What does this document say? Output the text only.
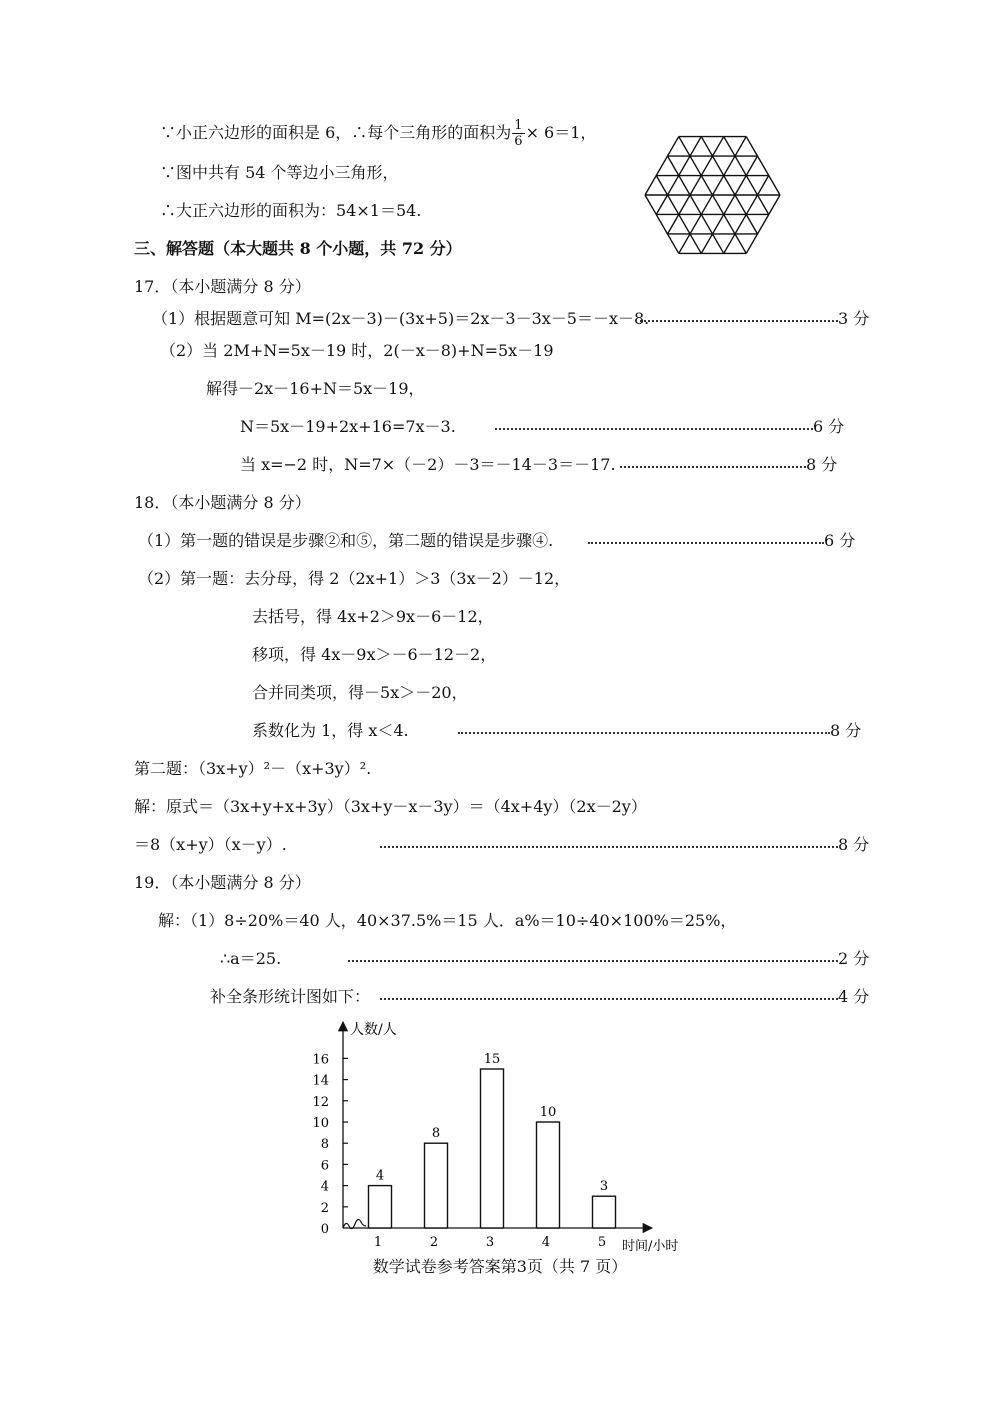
∵小正六边形的面积是 6，∴每个三角形的面积为 $\frac{1}{6} \times 6=1$，
∵图中共有 54 个等边小三角形，
∴大正六边形的面积为：54×1＝54.
三、解答题（本大题共 8 个小题，共 72 分）
17．（本小题满分 8 分）
（1）根据题意可知 M=(2x－3)－(3x+5)＝2x－3－3x－5＝－x－8.	3 分
（2）当 2M+N=5x－19 时，2(－x－8)+N=5x－19
解得－2x－16+N＝5x－19，
N＝5x－19+2x+16=7x－3.	6 分
当 x=−2 时，N=7×（－2）－3＝－14－3＝－17.	8 分
18．（本小题满分 8 分）
（1）第一题的错误是步骤②和⑤，第二题的错误是步骤④.	6 分
（2）第一题：去分母，得 2（2x+1）＞3（3x－2）－12，
去括号，得 4x+2＞9x－6－12，
移项，得 4x－9x＞－6－12－2，
合并同类项，得－5x＞－20，
系数化为 1，得 x＜4.	8 分
第二题：（3x+y）²－（x+3y）².
解：原式＝（3x+y+x+3y）（3x+y－x－3y）＝（4x+4y）（2x－2y）
＝8（x+y）（x－y）.	8 分
19．（本小题满分 8 分）
解：（1）8÷20%＝40 人，40×37.5%＝15 人．a%＝10÷40×100%＝25%，
∴a＝25.	2 分
补全条形统计图如下：	4 分
人数/人
时间/小时
0
2
4
6
8
10
12
14
16
4
1
8
2
15
3
10
4
3
5
数学试卷参考答案第3页（共 7 页）
